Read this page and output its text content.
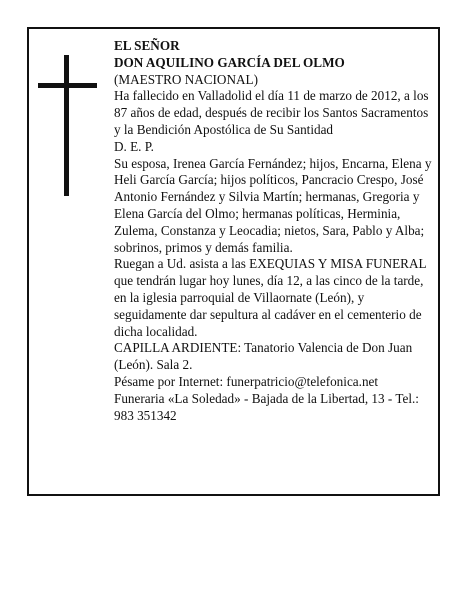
EL SEÑOR

DON AQUILINO GARCÍA DEL OLMO

(MAESTRO NACIONAL)

Ha fallecido en Valladolid el día 11 de marzo de 2012, a los 87 años de edad, después de recibir los Santos Sacramentos y la Bendición Apostólica de Su Santidad

D. E. P.

Su esposa, Irenea García Fernández; hijos, Encarna, Elena y Heli García García; hijos políticos, Pancracio Crespo, José Antonio Fernández y Silvia Martín; hermanas, Gregoria y Elena García del Olmo; hermanas políticas, Herminia, Zulema, Constanza y Leocadia; nietos, Sara, Pablo y Alba; sobrinos, primos y demás familia.

Ruegan a Ud. asista a las EXEQUIAS Y MISA FUNERAL que tendrán lugar hoy lunes, día 12, a las cinco de la tarde, en la iglesia parroquial de Villaornate (León), y seguidamente dar sepultura al cadáver en el cementerio de dicha localidad.

CAPILLA ARDIENTE: Tanatorio Valencia de Don Juan (León). Sala 2.

Pésame por Internet: funerpatricio@telefonica.net

Funeraria «La Soledad» - Bajada de la Libertad, 13 - Tel.: 983 351342
